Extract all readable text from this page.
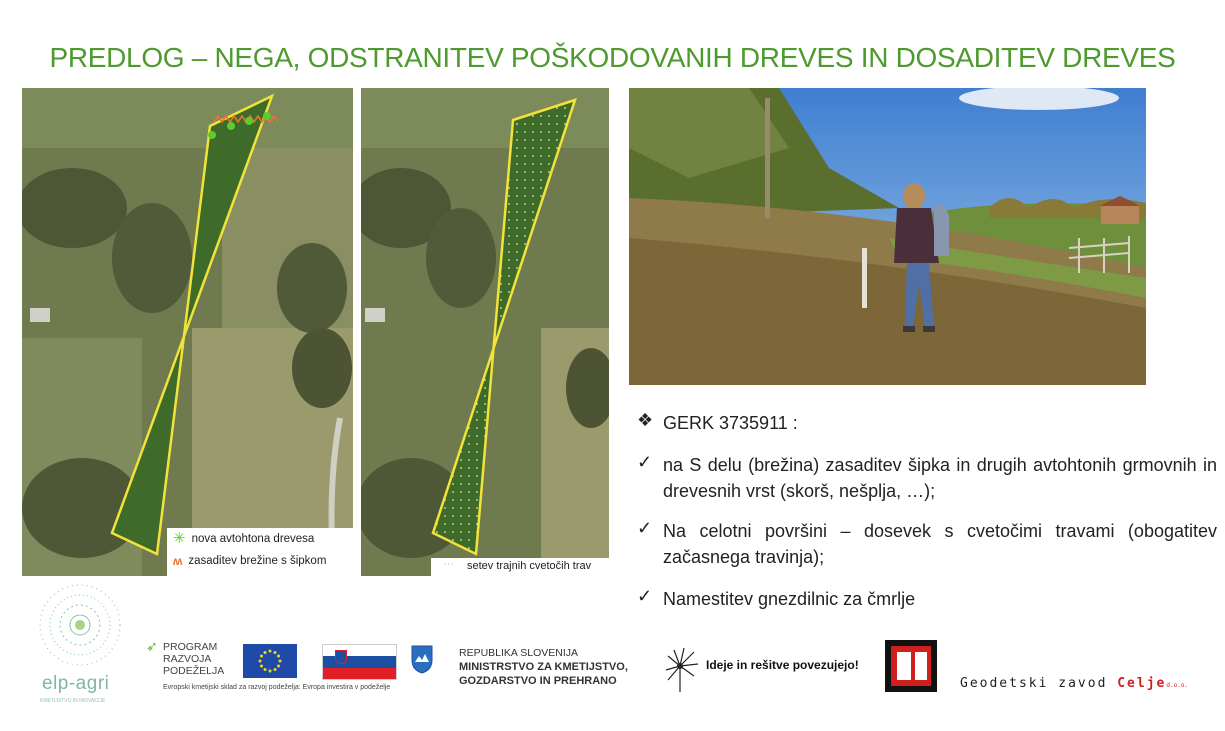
PREDLOG – NEGA, ODSTRANITEV POŠKODOVANIH DREVES IN DOSADITEV DREVES
✳ nova avtohtona drevesa
ʍ zasaditev brežine s šipkom	··· setev trajnih cvetočih trav
❖ GERK 3735911 :
✓ na S delu (brežina) zasaditev šipka in drugih avtohtonih grmovnih in drevesnih vrst (skorš, nešplja, …);
✓ Na celotni površini – dosevek s cvetočimi travami (obogatitev začasnega travinja);
✓ Namestitev gnezdilnic za čmrlje
elp-agri
KMETIJSTVO IN INOVACIJE
➶ PROGRAM
RAZVOJA
PODEŽELJA
Evropski kmetijski sklad za razvoj podeželja: Evropa investira v podeželje
REPUBLIKA SLOVENIJA
MINISTRSTVO ZA KMETIJSTVO,
GOZDARSTVO IN PREHRANO
Ideje in rešitve povezujejo!
Geodetski zavod Celjed.o.o.
